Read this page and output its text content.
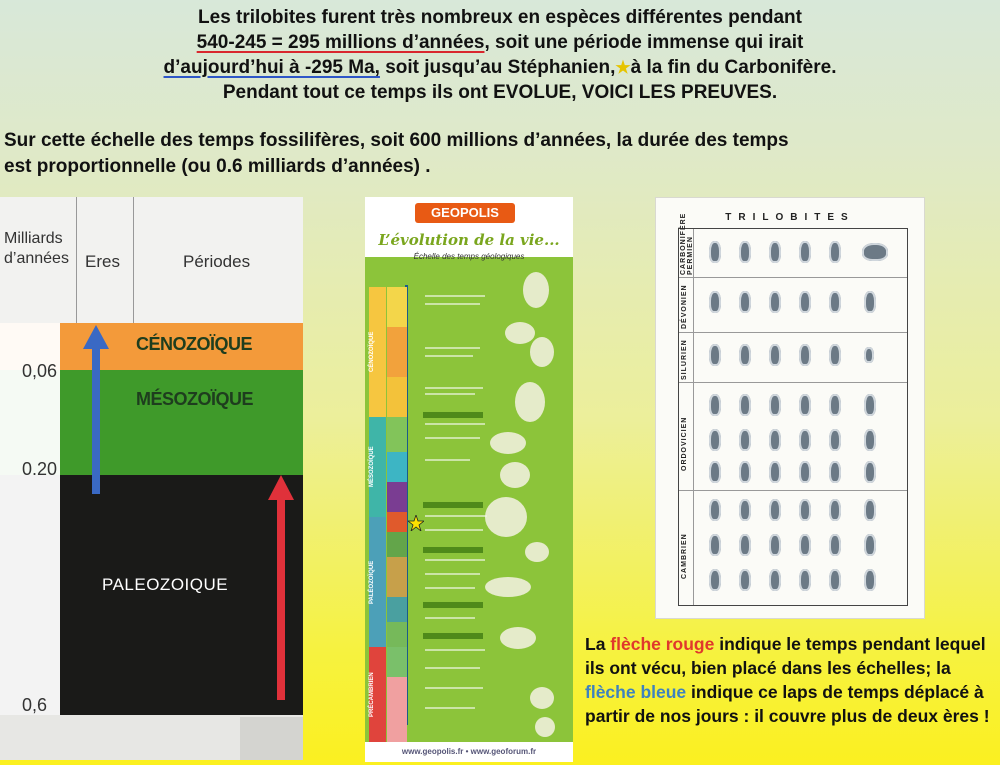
Les trilobites furent très nombreux en espèces différentes pendant
540-245 = 295 millions d’années, soit une période immense qui irait
d’aujourd’hui à -295 Ma, soit jusqu’au Stéphanien,★à la fin du Carbonifère.
Pendant tout ce temps ils ont EVOLUE, VOICI LES PREUVES.
Sur cette échelle des temps fossilifères, soit 600 millions d’années, la durée des temps
est proportionnelle (ou 0.6 milliards d’années) .
Milliards d’années Eres	Périodes
CÉNOZOÏQUE
MÉSOZOÏQUE
PALEOZOIQUE
0,06
0.20
0,6
GEOPOLIS
L’évolution de la vie...
Échelle des temps géologiques
CÉNOZOÏQUE
MÉSOZOÏQUE
PALÉOZOÏQUE
PRÉCAMBRIEN
www.geopolis.fr • www.geoforum.fr
TRILOBITES
CARBONIFÈRE PERMIEN
DÉVONIEN
SILURIEN
ORDOVICIEN
CAMBRIEN
La flèche rouge indique le temps pendant lequel ils ont vécu, bien placé dans les échelles; la flèche bleue indique ce laps de temps déplacé à partir de nos jours : il couvre plus de deux ères !
